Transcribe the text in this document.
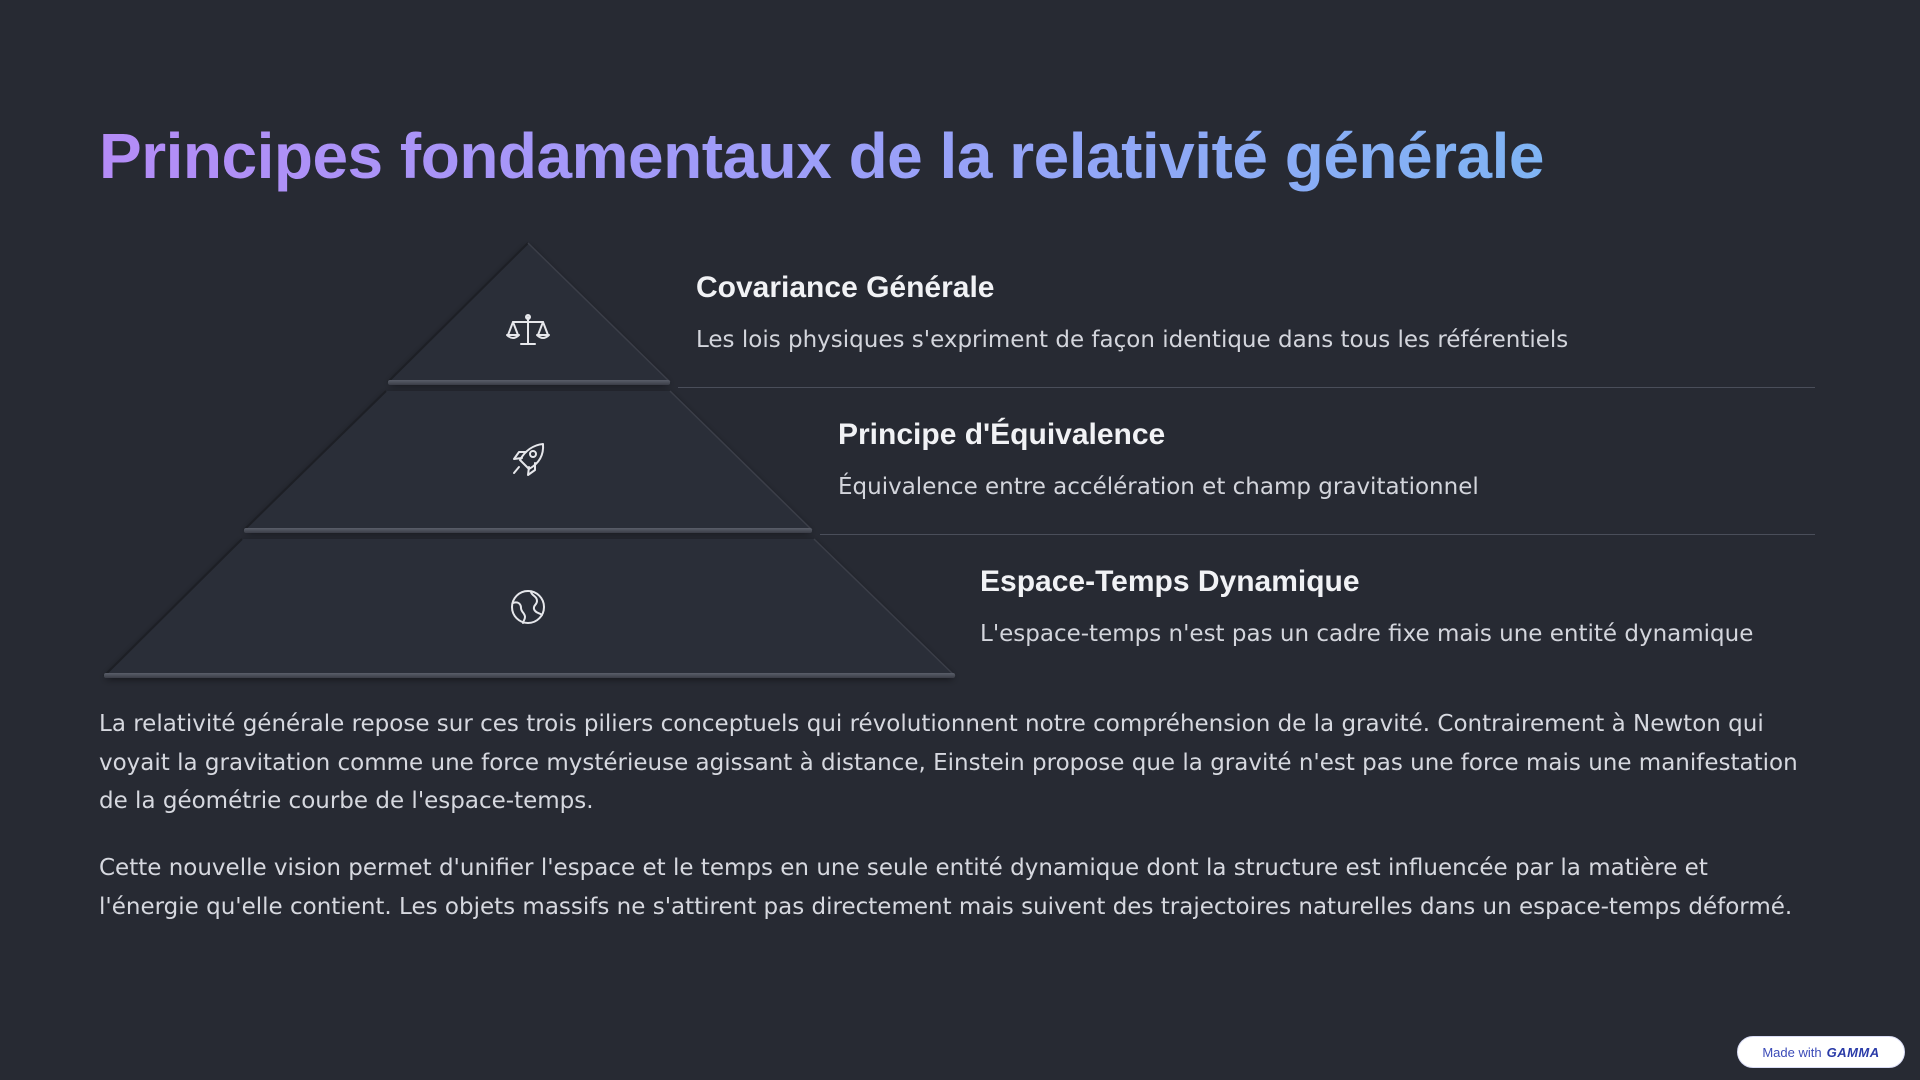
Principes fondamentaux de la relativité générale
Covariance Générale

Les lois physiques s'expriment de façon identique dans tous les référentiels

Principe d'Équivalence

Équivalence entre accélération et champ gravitationnel

Espace-Temps Dynamique

L'espace-temps n'est pas un cadre fixe mais une entité dynamique

La relativité générale repose sur ces trois piliers conceptuels qui révolutionnent notre compréhension de la gravité. Contrairement à Newton qui voyait la gravitation comme une force mystérieuse agissant à distance, Einstein propose que la gravité n'est pas une force mais une manifestation de la géométrie courbe de l'espace-temps.

Cette nouvelle vision permet d'unifier l'espace et le temps en une seule entité dynamique dont la structure est influencée par la matière et l'énergie qu'elle contient. Les objets massifs ne s'attirent pas directement mais suivent des trajectoires naturelles dans un espace-temps déformé.

Made with GAMMA
